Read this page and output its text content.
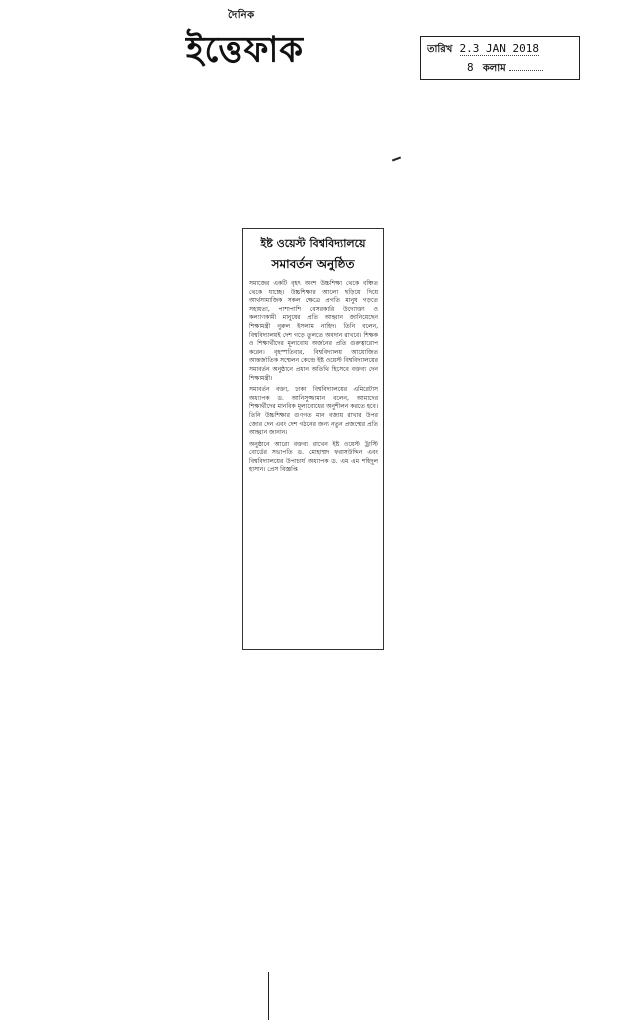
দৈনিক
ইত্তেফাক	তারিখ 2.3 JAN 2018
8 কলাম
ইষ্ট ওয়েস্ট বিশ্ববিদ্যালয়ে
সমাবর্তন অনুষ্ঠিত

সমাজের একটি বৃহৎ অংশ উচ্চশিক্ষা থেকে বঞ্চিত থেকে যাচ্ছে। উচ্চশিক্ষার আলো ছড়িয়ে দিয়ে আর্থসামাজিক সকল ক্ষেত্রে প্রগতি মানুষ গড়তে সহায়তা, পাশাপাশি বেসরকারি উদ্যোক্তা ও কল্যাণকামী মানুষের প্রতি আহ্বান জানিয়েছেন শিক্ষামন্ত্রী নুরুল ইসলাম নাহিদ। তিনি বলেন, বিশ্ববিদ্যালয়ই দেশ গড়ে তুলতে অবদান রাখবে। শিক্ষক ও শিক্ষার্থীদের মূল্যবোধ অর্জনের প্রতি গুরুত্বারোপ করেন। বৃহস্পতিবার, বিশ্ববিদ্যালয় আয়োজিত আন্তর্জাতিক সম্মেলন কেন্দ্রে ইষ্ট ওয়েস্ট বিশ্ববিদ্যালয়ের সমাবর্তন অনুষ্ঠানে প্রধান অতিথি হিসেবে বক্তব্য দেন শিক্ষামন্ত্রী।

সমাবর্তন বক্তা, ঢাকা বিশ্ববিদ্যালয়ের এমিরেটাস অধ্যাপক ড. আনিসুজ্জামান বলেন, আমাদের শিক্ষার্থীদের মানবিক মূল্যবোধের অনুশীলন করতে হবে। তিনি উচ্চশিক্ষার গুণগত মান বজায় রাখার উপর জোর দেন এবং দেশ গঠনের জন্য নতুন প্রজন্মের প্রতি আহ্বান জানান।

অনুষ্ঠানে আরো বক্তব্য রাখেন ইষ্ট ওয়েস্ট ট্রাস্টি বোর্ডের সভাপতি ড. মোহাম্মদ ফরাসউদ্দিন এবং বিশ্ববিদ্যালয়ের উপাচার্য অধ্যাপক ড. এম এম শহিদুল হাসান। প্রেস বিজ্ঞপ্তি
